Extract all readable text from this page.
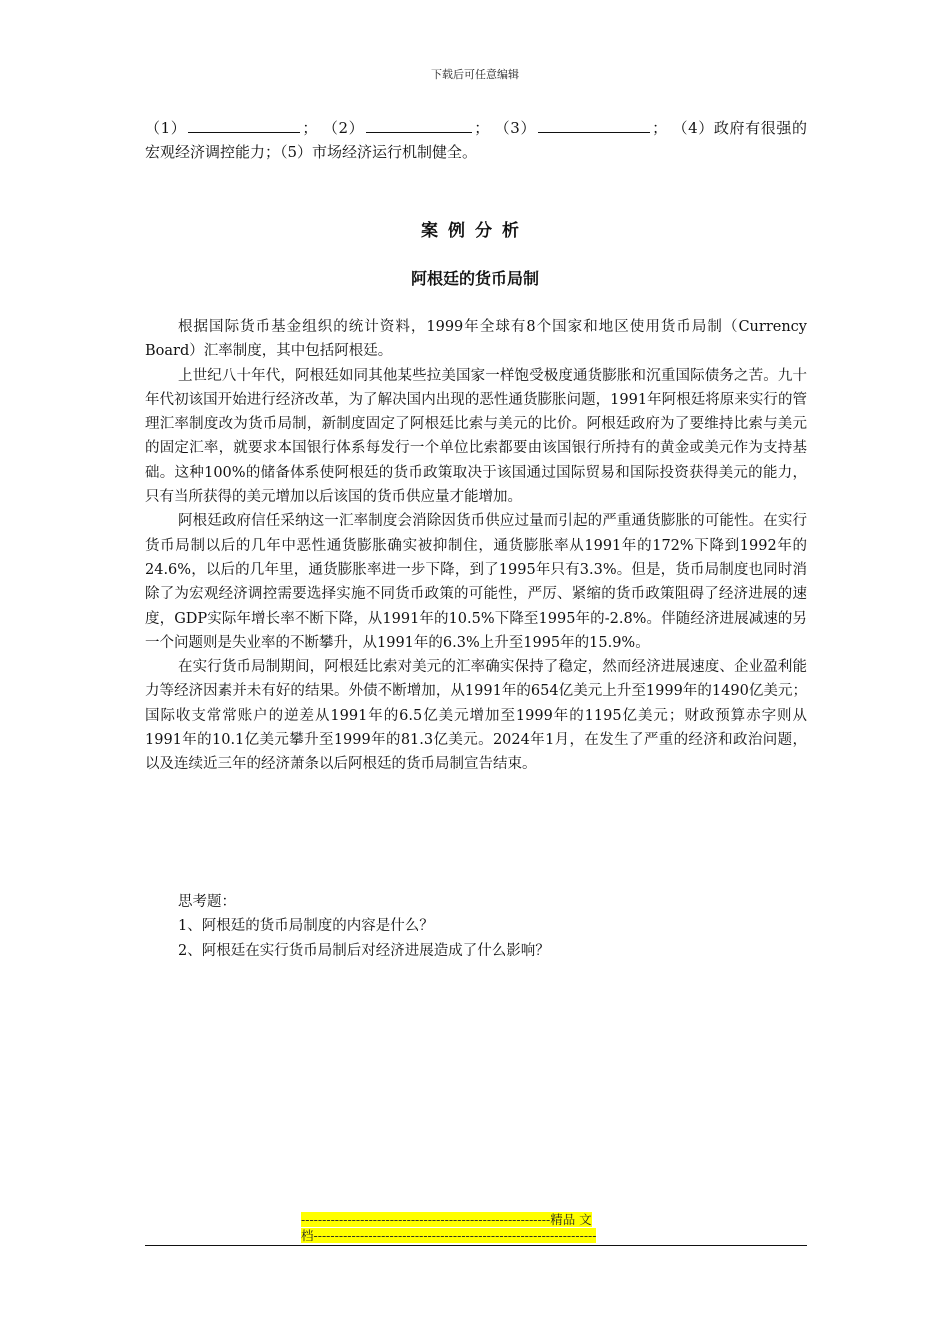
下载后可任意编辑
（1）	； （2）	； （3）	； （4）政府有很强的
宏观经济调控能力；（5）市场经济运行机制健全。
案例分析
阿根廷的货币局制

根据国际货币基金组织的统计资料，1999年全球有8个国家和地区使用货币局制（Currency Board）汇率制度，其中包括阿根廷。

上世纪八十年代，阿根廷如同其他某些拉美国家一样饱受极度通货膨胀和沉重国际债务之苦。九十年代初该国开始进行经济改革，为了解决国内出现的恶性通货膨胀问题，1991年阿根廷将原来实行的管理汇率制度改为货币局制，新制度固定了阿根廷比索与美元的比价。阿根廷政府为了要维持比索与美元的固定汇率，就要求本国银行体系每发行一个单位比索都要由该国银行所持有的黄金或美元作为支持基础。这种100%的储备体系使阿根廷的货币政策取决于该国通过国际贸易和国际投资获得美元的能力，只有当所获得的美元增加以后该国的货币供应量才能增加。

阿根廷政府信任采纳这一汇率制度会消除因货币供应过量而引起的严重通货膨胀的可能性。在实行货币局制以后的几年中恶性通货膨胀确实被抑制住，通货膨胀率从1991年的172%下降到1992年的24.6%，以后的几年里，通货膨胀率进一步下降，到了1995年只有3.3%。但是，货币局制度也同时消除了为宏观经济调控需要选择实施不同货币政策的可能性，严厉、紧缩的货币政策阻碍了经济进展的速度，GDP实际年增长率不断下降，从1991年的10.5%下降至1995年的-2.8%。伴随经济进展减速的另一个问题则是失业率的不断攀升，从1991年的6.3%上升至1995年的15.9%。

在实行货币局制期间，阿根廷比索对美元的汇率确实保持了稳定，然而经济进展速度、企业盈利能力等经济因素并未有好的结果。外债不断增加，从1991年的654亿美元上升至1999年的1490亿美元；国际收支常常账户的逆差从1991年的6.5亿美元增加至1999年的1195亿美元；财政预算赤字则从1991年的10.1亿美元攀升至1999年的81.3亿美元。2024年1月，在发生了严重的经济和政治问题，以及连续近三年的经济萧条以后阿根廷的货币局制宣告结束。

思考题：
1、阿根廷的货币局制度的内容是什么？
2、阿根廷在实行货币局制后对经济进展造成了什么影响？
-----------------------------------------------------------精品 文
档-------------------------------------------------------------------
